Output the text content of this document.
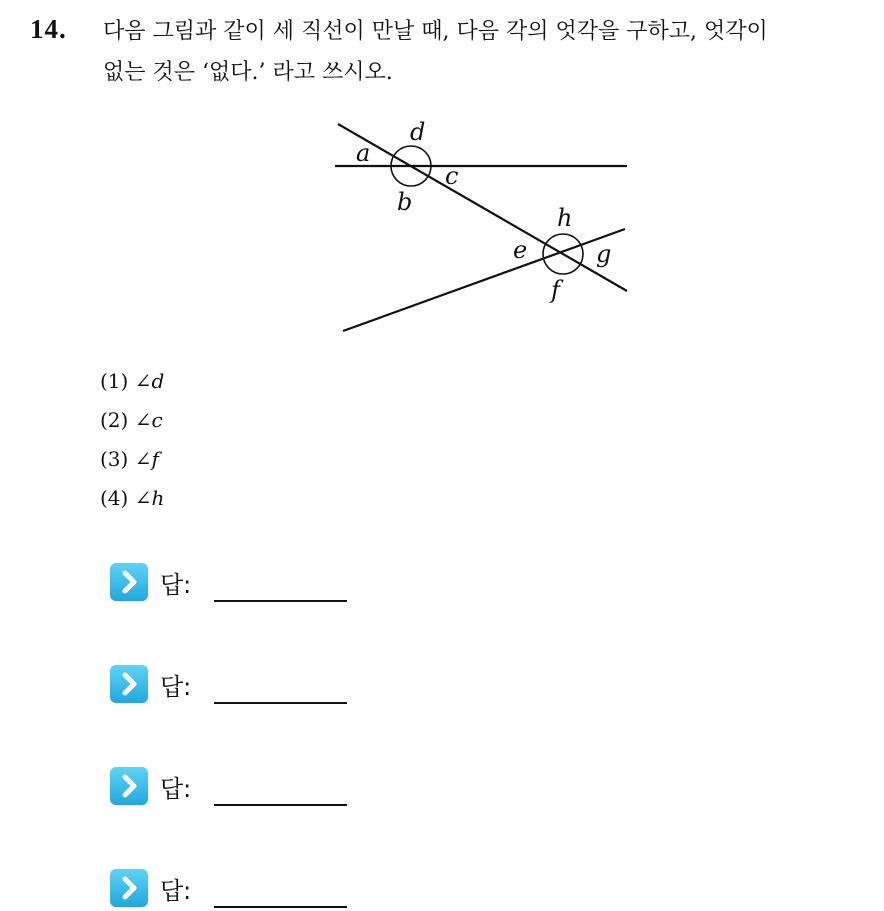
14. 다음 그림과 같이 세 직선이 만날 때, 다음 각의 엇각을 구하고, 엇각이
없는 것은 ‘없다.’ 라고 쓰시오.
a
b
c
d
e
f
g
h
(1) ∠d
(2) ∠c
(3) ∠f
(4) ∠h
답:
답:
답:
답:
